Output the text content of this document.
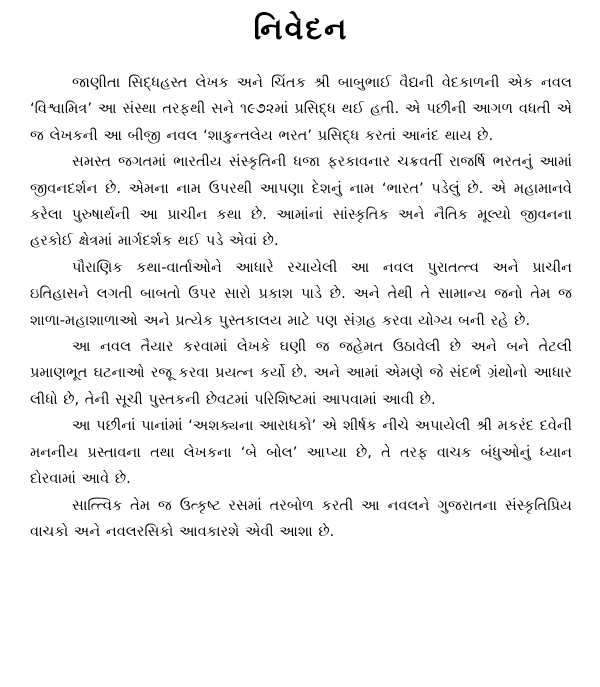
નિવેદન

જાણીતા સિદ્ધહસ્ત લેખક અને ચિંતક શ્રી બાબુભાઈ વૈદ્યની વેદકાળની એક નવલ ‘વિશ્વામિત્ર’ આ સંસ્થા તરફથી સને ૧૯૭૨માં પ્રસિદ્ધ થઈ હતી. એ પછીની આગળ વધતી એ જ લેખકની આ બીજી નવલ ‘શાકુન્તલેય ભરત’ પ્રસિદ્ધ કરતાં આનંદ થાય છે.

સમસ્ત જગતમાં ભારતીય સંસ્કૃતિની ધજા ફરકાવનાર ચક્રવર્તી રાજર્ષિ ભરતનું આમાં જીવનદર્શન છે. એમના નામ ઉપરથી આપણા દેશનું નામ ‘ભારત’ પડેલું છે. એ મહામાનવે કરેલા પુરુષાર્થની આ પ્રાચીન કથા છે. આમાંનાં સાંસ્કૃતિક અને નૈતિક મૂલ્યો જીવનના હરકોઈ ક્ષેત્રમાં માર્ગદર્શક થઈ પડે એવાં છે.

પૌરાણિક કથા-વાર્તાઓને આધારે રચાયેલી આ નવલ પુરાતત્ત્વ અને પ્રાચીન ઇતિહાસને લગતી બાબતો ઉપર સારો પ્રકાશ પાડે છે. અને તેથી તે સામાન્ય જનો તેમ જ શાળા-મહાશાળાઓ અને પ્રત્યેક પુસ્તકાલય માટે પણ સંગ્રહ કરવા યોગ્ય બની રહે છે.

આ નવલ તૈયાર કરવામાં લેખકે ઘણી જ જહેમત ઉઠાવેલી છે અને બને તેટલી પ્રમાણભૂત ઘટનાઓ રજૂ કરવા પ્રયત્ન કર્યો છે. અને આમાં એમણે જે સંદર્ભ ગ્રંથોનો આધાર લીધો છે, તેની સૂચી પુસ્તકની છેવટમાં પરિશિષ્ટમાં આપવામાં આવી છે.

આ પછીનાં પાનાંમાં ‘અશક્યના આરાધકો’ એ શીર્ષક નીચે અપાયેલી શ્રી મકરંદ દવેની મનનીય પ્રસ્તાવના તથા લેખકના ‘બે બોલ’ આપ્યા છે, તે તરફ વાચક બંધુઓનું ધ્યાન દોરવામાં આવે છે.

સાત્ત્વિક તેમ જ ઉત્કૃષ્ટ રસમાં તરબોળ કરતી આ નવલને ગુજરાતના સંસ્કૃતિપ્રિય વાચકો અને નવલરસિકો આવકારશે એવી આશા છે.
